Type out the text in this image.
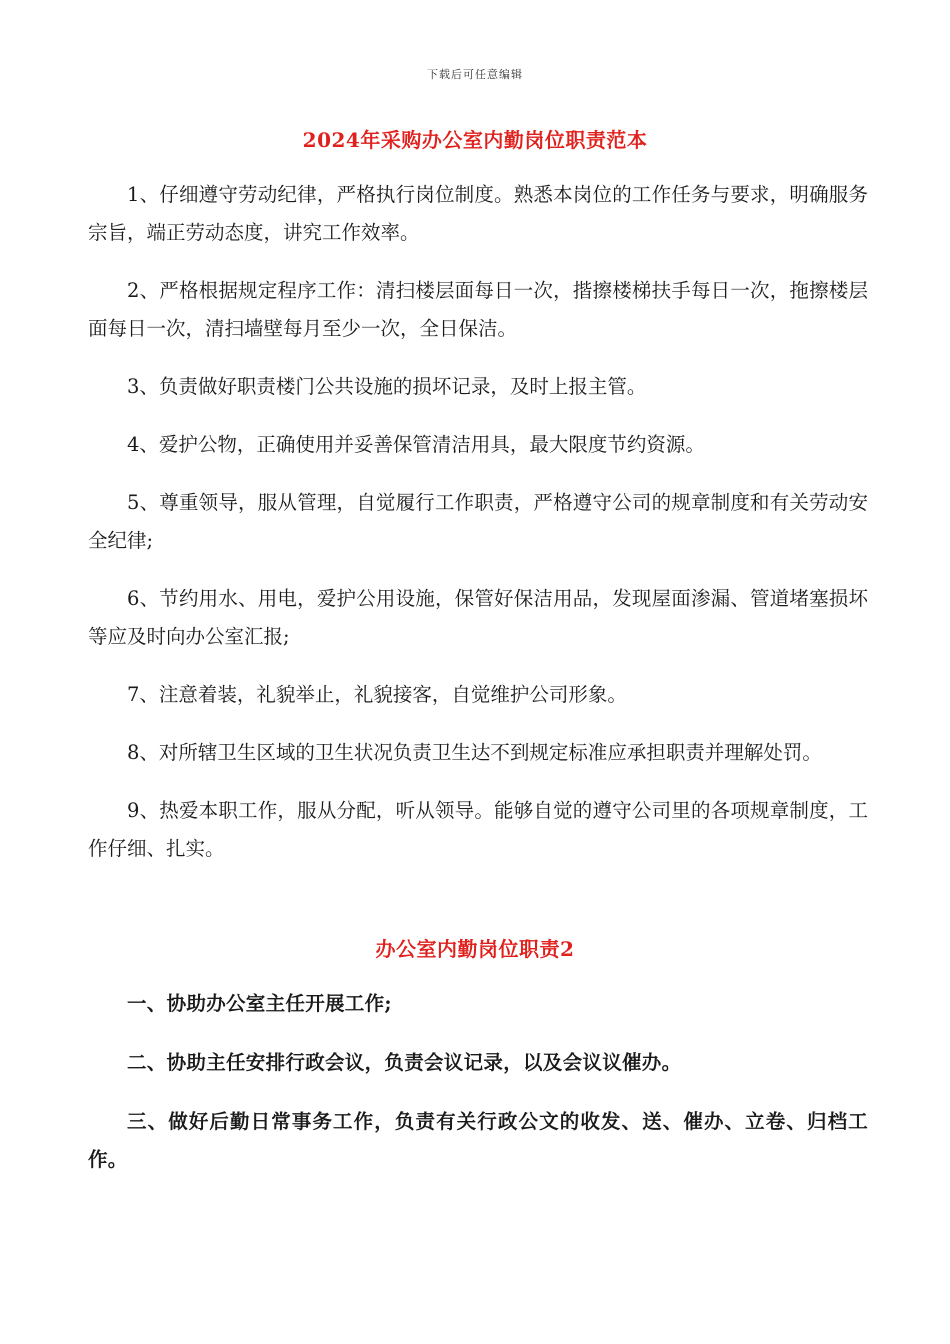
下载后可任意编辑
2024年采购办公室内勤岗位职责范本

1、仔细遵守劳动纪律，严格执行岗位制度。熟悉本岗位的工作任务与要求，明确服务宗旨，端正劳动态度，讲究工作效率。

2、严格根据规定程序工作：清扫楼层面每日一次，揩擦楼梯扶手每日一次，拖擦楼层面每日一次，清扫墙壁每月至少一次，全日保洁。

3、负责做好职责楼门公共设施的损坏记录，及时上报主管。

4、爱护公物，正确使用并妥善保管清洁用具，最大限度节约资源。

5、尊重领导，服从管理，自觉履行工作职责，严格遵守公司的规章制度和有关劳动安全纪律;

6、节约用水、用电，爱护公用设施，保管好保洁用品，发现屋面渗漏、管道堵塞损坏等应及时向办公室汇报;

7、注意着装，礼貌举止，礼貌接客，自觉维护公司形象。

8、对所辖卫生区域的卫生状况负责卫生达不到规定标准应承担职责并理解处罚。

9、热爱本职工作，服从分配，听从领导。能够自觉的遵守公司里的各项规章制度，工作仔细、扎实。

办公室内勤岗位职责2

一、协助办公室主任开展工作;

二、协助主任安排行政会议，负责会议记录，以及会议议催办。

三、做好后勤日常事务工作，负责有关行政公文的收发、送、催办、立卷、归档工作。
